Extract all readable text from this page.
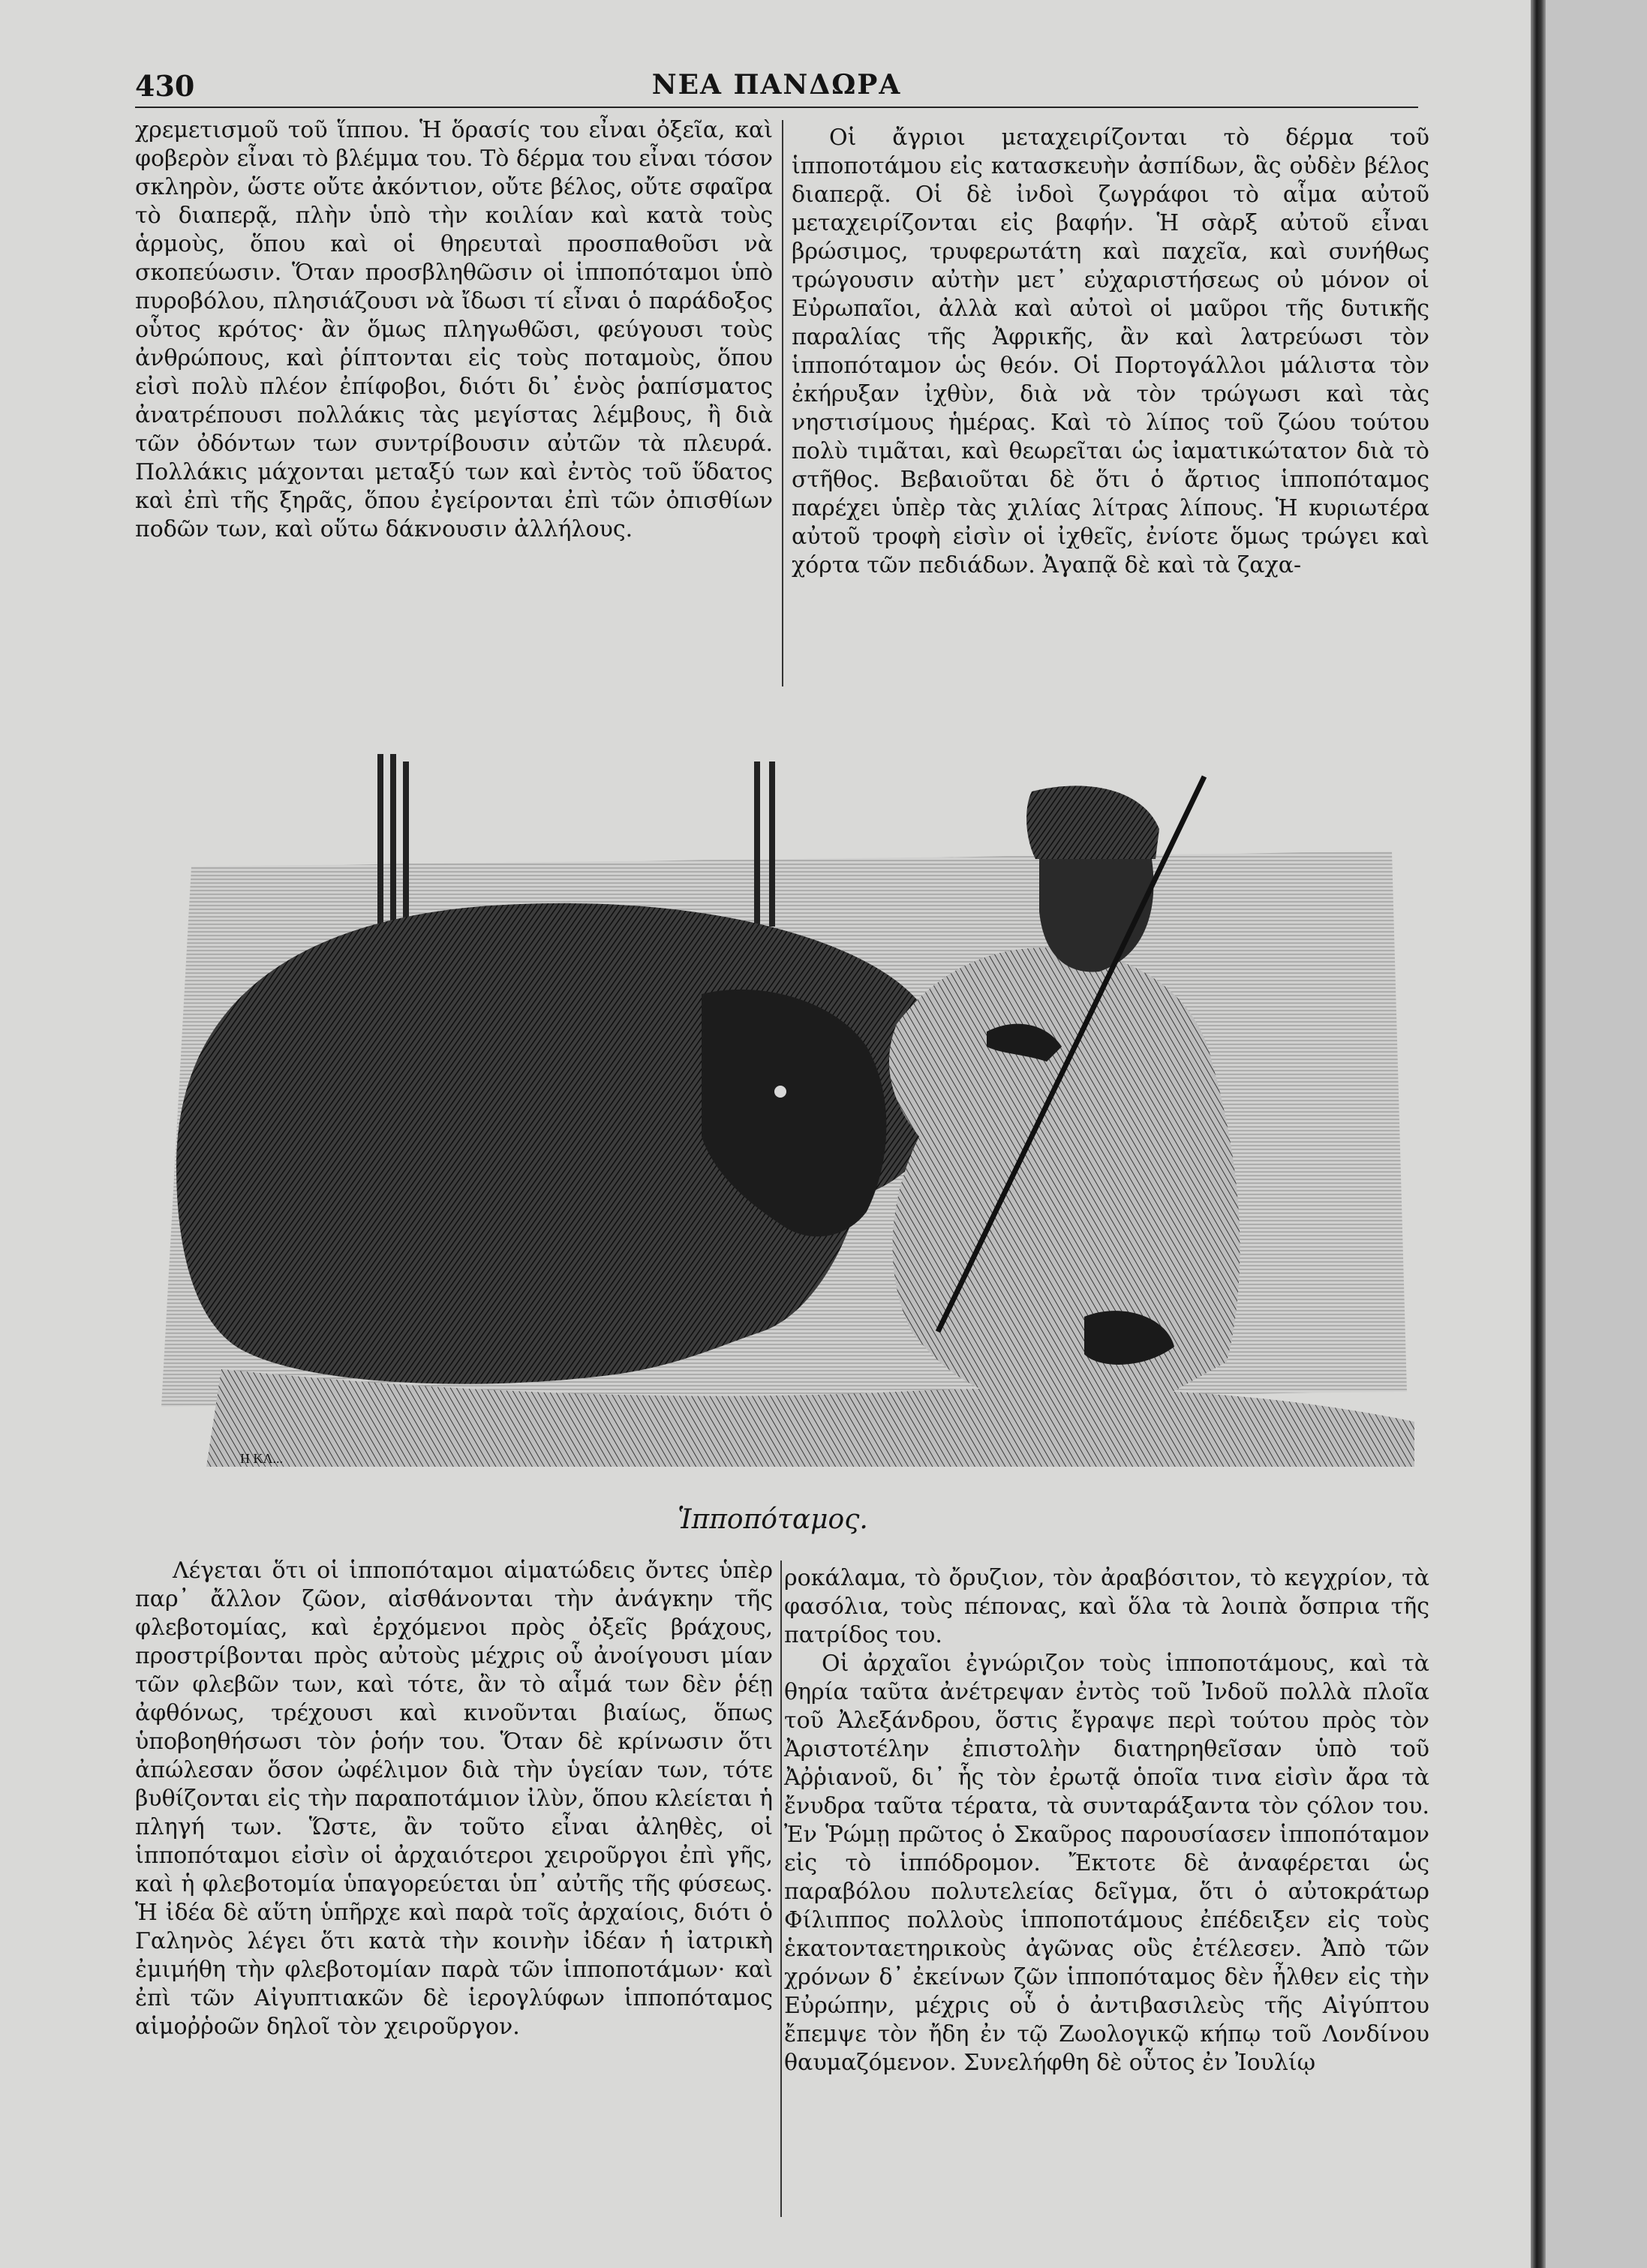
430	ΝΕΑ ΠΑΝΔΩΡΑ

χρεμετισμοῦ τοῦ ἵππου. Ἡ ὅρασίς του εἶναι ὀξεῖα, καὶ φοβερὸν εἶναι τὸ βλέμμα του. Τὸ δέρμα του εἶναι τόσον σκληρὸν, ὥστε οὔτε ἀκόντιον, οὔτε βέλος, οὔτε σφαῖρα τὸ διαπερᾷ, πλὴν ὑπὸ τὴν κοιλίαν καὶ κατὰ τοὺς ἁρμοὺς, ὅπου καὶ οἱ θηρευταὶ προσπαθοῦσι νὰ σκοπεύωσιν. Ὅταν προσβληθῶσιν οἱ ἱπποπόταμοι ὑπὸ πυροβόλου, πλησιάζουσι νὰ ἴδωσι τί εἶναι ὁ παράδοξος οὗτος κρότος· ἂν ὅμως πληγωθῶσι, φεύγουσι τοὺς ἀνθρώπους, καὶ ῥίπτονται εἰς τοὺς ποταμοὺς, ὅπου εἰσὶ πολὺ πλέον ἐπίφοβοι, διότι δι᾽ ἑνὸς ῥαπίσματος ἀνατρέπουσι πολλάκις τὰς μεγίστας λέμβους, ἢ διὰ τῶν ὀδόντων των συντρίβουσιν αὐτῶν τὰ πλευρά. Πολλάκις μάχονται μεταξύ των καὶ ἐντὸς τοῦ ὕδατος καὶ ἐπὶ τῆς ξηρᾶς, ὅπου ἐγείρονται ἐπὶ τῶν ὀπισθίων ποδῶν των, καὶ οὕτω δάκνουσιν ἀλλήλους.

Οἱ ἄγριοι μεταχειρίζονται τὸ δέρμα τοῦ ἱπποποτάμου εἰς κατασκευὴν ἀσπίδων, ἃς οὐδὲν βέλος διαπερᾷ. Οἱ δὲ ἰνδοὶ ζωγράφοι τὸ αἷμα αὐτοῦ μεταχειρίζονται εἰς βαφήν. Ἡ σὰρξ αὐτοῦ εἶναι βρώσιμος, τρυφερωτάτη καὶ παχεῖα, καὶ συνήθως τρώγουσιν αὐτὴν μετ᾽ εὐχαριστήσεως οὐ μόνον οἱ Εὐρωπαῖοι, ἀλλὰ καὶ αὐτοὶ οἱ μαῦροι τῆς δυτικῆς παραλίας τῆς Ἀφρικῆς, ἂν καὶ λατρεύωσι τὸν ἱπποπόταμον ὡς θεόν. Οἱ Πορτογάλλοι μάλιστα τὸν ἐκήρυξαν ἰχθὺν, διὰ νὰ τὸν τρώγωσι καὶ τὰς νηστισίμους ἡμέρας. Καὶ τὸ λίπος τοῦ ζώου τούτου πολὺ τιμᾶται, καὶ θεωρεῖται ὡς ἰαματικώτατον διὰ τὸ στῆθος. Βεβαιοῦται δὲ ὅτι ὁ ἄρτιος ἱπποπόταμος παρέχει ὑπὲρ τὰς χιλίας λίτρας λίπους. Ἡ κυριωτέρα αὐτοῦ τροφὴ εἰσὶν οἱ ἰχθεῖς, ἐνίοτε ὅμως τρώγει καὶ χόρτα τῶν πεδιάδων. Ἀγαπᾷ δὲ καὶ τὰ ζαχα-

Η ΚΛ...
Ἱπποπόταμος.

Λέγεται ὅτι οἱ ἱπποπόταμοι αἱματώδεις ὄντες ὑπὲρ παρ᾽ ἄλλον ζῶον, αἰσθάνονται τὴν ἀνάγκην τῆς φλεβοτομίας, καὶ ἐρχόμενοι πρὸς ὀξεῖς βράχους, προστρίβονται πρὸς αὐτοὺς μέχρις οὗ ἀνοίγουσι μίαν τῶν φλεβῶν των, καὶ τότε, ἂν τὸ αἷμά των δὲν ῥέῃ ἀφθόνως, τρέχουσι καὶ κινοῦνται βιαίως, ὅπως ὑποβοηθήσωσι τὸν ῥοήν του. Ὅταν δὲ κρίνωσιν ὅτι ἀπώλεσαν ὅσον ὠφέλιμον διὰ τὴν ὑγείαν των, τότε βυθίζονται εἰς τὴν παραποτάμιον ἰλὺν, ὅπου κλείεται ἡ πληγή των. Ὥστε, ἂν τοῦτο εἶναι ἀληθὲς, οἱ ἱπποπόταμοι εἰσὶν οἱ ἀρχαιότεροι χειροῦργοι ἐπὶ γῆς, καὶ ἡ φλεβοτομία ὑπαγορεύεται ὑπ᾽ αὐτῆς τῆς φύσεως. Ἡ ἰδέα δὲ αὕτη ὑπῆρχε καὶ παρὰ τοῖς ἀρχαίοις, διότι ὁ Γαληνὸς λέγει ὅτι κατὰ τὴν κοινὴν ἰδέαν ἡ ἰατρικὴ ἐμιμήθη τὴν φλεβοτομίαν παρὰ τῶν ἱπποποτάμων· καὶ ἐπὶ τῶν Αἰγυπτιακῶν δὲ ἱερογλύφων ἱπποπόταμος αἱμοῤῥοῶν δηλοῖ τὸν χειροῦργον.

ροκάλαμα, τὸ ὄρυζιον, τὸν ἀραβόσιτον, τὸ κεγχρίον, τὰ φασόλια, τοὺς πέπονας, καὶ ὅλα τὰ λοιπὰ ὄσπρια τῆς πατρίδος του.

Οἱ ἀρχαῖοι ἐγνώριζον τοὺς ἱπποποτάμους, καὶ τὰ θηρία ταῦτα ἀνέτρεψαν ἐντὸς τοῦ Ἰνδοῦ πολλὰ πλοῖα τοῦ Ἀλεξάνδρου, ὅστις ἔγραψε περὶ τούτου πρὸς τὸν Ἀριστοτέλην ἐπιστολὴν διατηρηθεῖσαν ὑπὸ τοῦ Ἀῤῥιανοῦ, δι᾽ ἧς τὸν ἐρωτᾷ ὁποῖα τινα εἰσὶν ἄρα τὰ ἔνυδρα ταῦτα τέρατα, τὰ συνταράξαντα τὸν ςόλον του. Ἐν Ῥώμῃ πρῶτος ὁ Σκαῦρος παρουσίασεν ἱπποπόταμον εἰς τὸ ἱππόδρομον. Ἔκτοτε δὲ ἀναφέρεται ὡς παραβόλου πολυτελείας δεῖγμα, ὅτι ὁ αὐτοκράτωρ Φίλιππος πολλοὺς ἱπποποτάμους ἐπέδειξεν εἰς τοὺς ἑκατονταετηρικοὺς ἀγῶνας οὓς ἐτέλεσεν. Ἀπὸ τῶν χρόνων δ᾽ ἐκείνων ζῶν ἱπποπόταμος δὲν ἦλθεν εἰς τὴν Εὐρώπην, μέχρις οὗ ὁ ἀντιβασιλεὺς τῆς Αἰγύπτου ἔπεμψε τὸν ἤδη ἐν τῷ Ζωολογικῷ κήπῳ τοῦ Λονδίνου θαυμαζόμενον. Συνελήφθη δὲ οὗτος ἐν Ἰουλίῳ
